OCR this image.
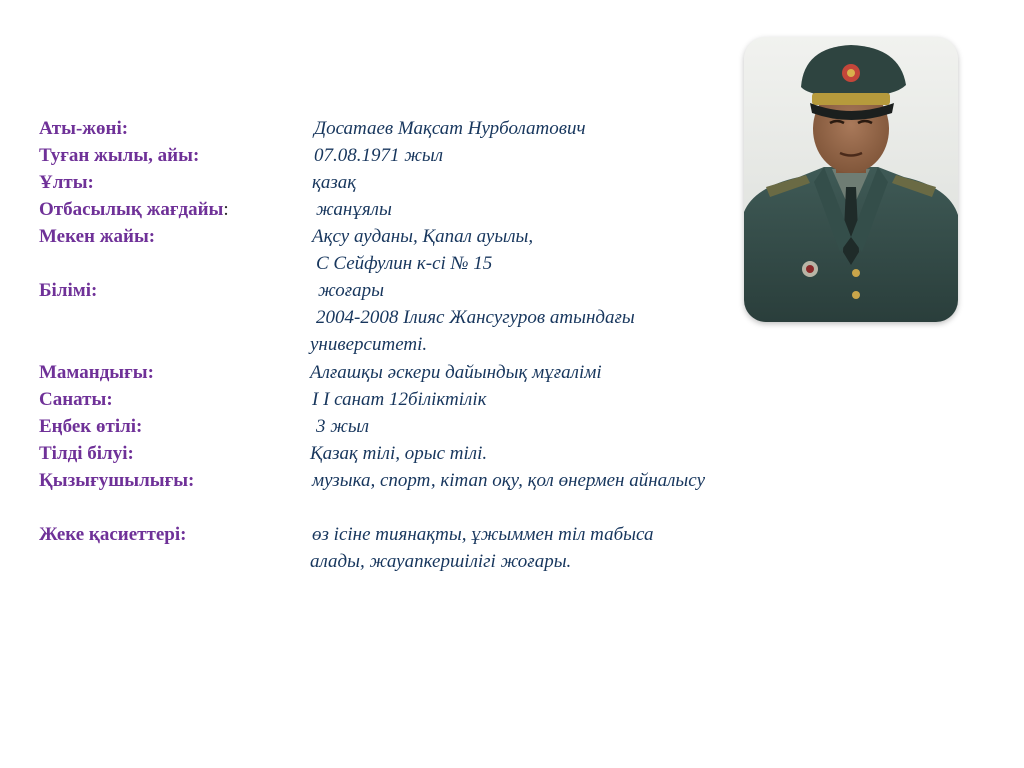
Аты-жөні:	Досатаев Мақсат Нурболатович
Туған жылы, айы:	07.08.1971 жыл
Ұлты:	қазақ
Отбасылық жағдайы:	жанұялы
Мекен жайы:	Ақсу ауданы, Қапал ауылы,
С Сейфулин к-сі № 15
Білімі:	жоғары
2004-2008 Ілияс Жансугуров атындағы
университеті.
Мамандығы:	Алғашқы әскери дайындық мұғалімі
Санаты:	I I санат 12біліктілік
Еңбек өтілі:	3 жыл
Тілді білуі:	Қазақ тілі, орыс тілі.
Қызығушылығы:	музыка, спорт, кітап оқу, қол өнермен айналысу
Жеке қасиеттері:	өз ісіне тиянақты, ұжыммен тіл табыса
алады, жауапкершілігі жоғары.
